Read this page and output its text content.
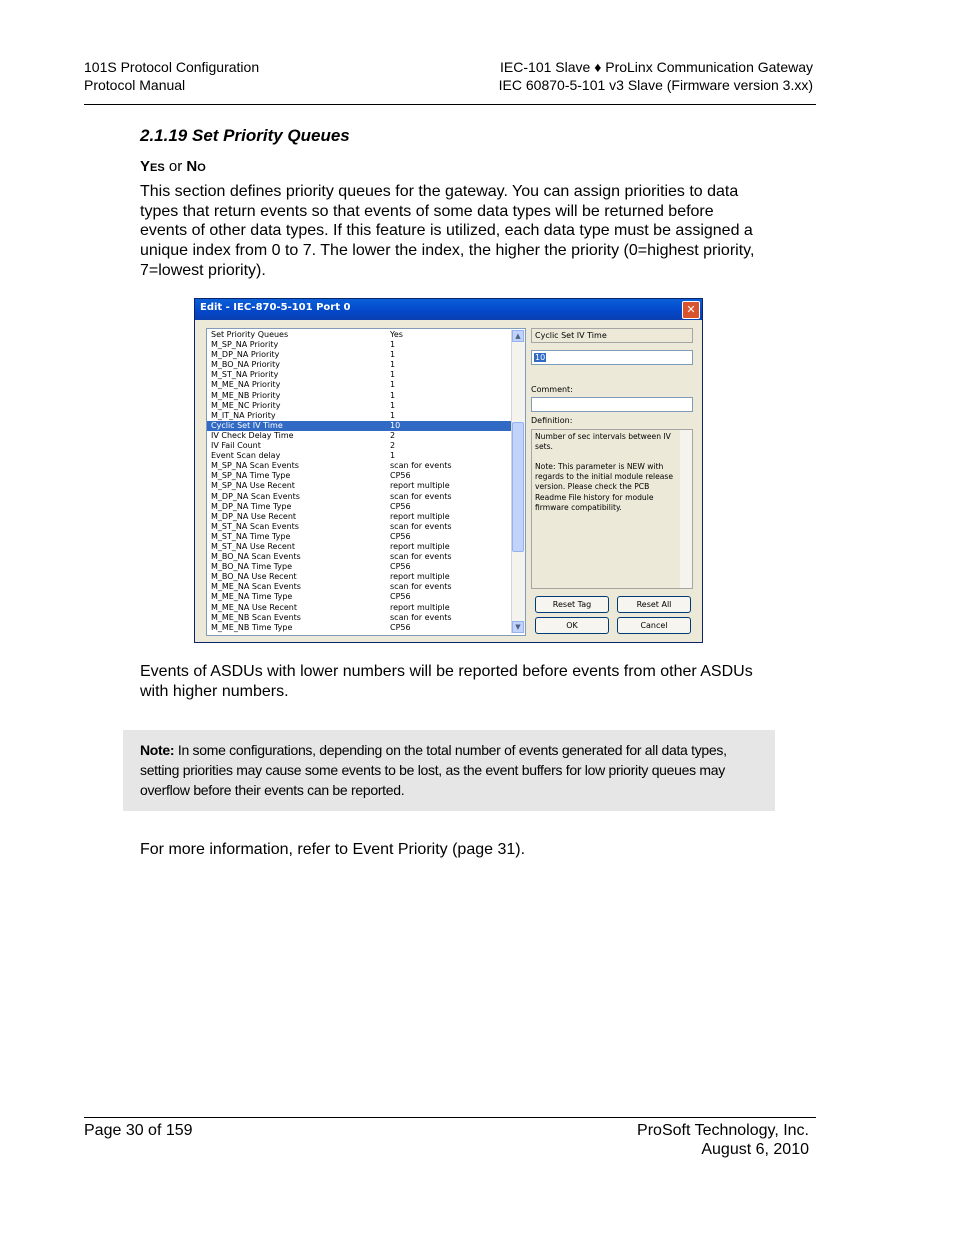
101S Protocol Configuration
Protocol Manual
IEC-101 Slave ♦ ProLinx Communication Gateway
IEC 60870-5-101 v3 Slave (Firmware version 3.xx)
2.1.19 Set Priority Queues
YES or NO
This section defines priority queues for the gateway. You can assign priorities to data types that return events so that events of some data types will be returned before events of other data types. If this feature is utilized, each data type must be assigned a unique index from 0 to 7. The lower the index, the higher the priority (0=highest priority, 7=lowest priority).
Edit - IEC-870-5-101 Port 0	✕
Set Priority Queues	Yes
M_SP_NA Priority	1
M_DP_NA Priority	1
M_BO_NA Priority	1
M_ST_NA Priority	1
M_ME_NA Priority	1
M_ME_NB Priority	1
M_ME_NC Priority	1
M_IT_NA Priority	1
Cyclic Set IV Time	10
IV Check Delay Time	2
IV Fail Count	2
Event Scan delay	1
M_SP_NA Scan Events	scan for events
M_SP_NA Time Type	CP56
M_SP_NA Use Recent	report multiple
M_DP_NA Scan Events	scan for events
M_DP_NA Time Type	CP56
M_DP_NA Use Recent	report multiple
M_ST_NA Scan Events	scan for events
M_ST_NA Time Type	CP56
M_ST_NA Use Recent	report multiple
M_BO_NA Scan Events	scan for events
M_BO_NA Time Type	CP56
M_BO_NA Use Recent	report multiple
M_ME_NA Scan Events	scan for events
M_ME_NA Time Type	CP56
M_ME_NA Use Recent	report multiple
M_ME_NB Scan Events	scan for events
M_ME_NB Time Type	CP56
▲
▼
Cyclic Set IV Time
10
Comment:
Definition:
Number of sec intervals between IV sets.

Note: This parameter is NEW with regards to the initial module release version. Please check the PCB Readme File history for module firmware compatibility.
Reset Tag	Reset All
OK	Cancel
Events of ASDUs with lower numbers will be reported before events from other ASDUs with higher numbers.
Note: In some configurations, depending on the total number of events generated for all data types, setting priorities may cause some events to be lost, as the event buffers for low priority queues may overflow before their events can be reported.
For more information, refer to Event Priority (page 31).
Page 30 of 159	ProSoft Technology, Inc.
August 6, 2010
